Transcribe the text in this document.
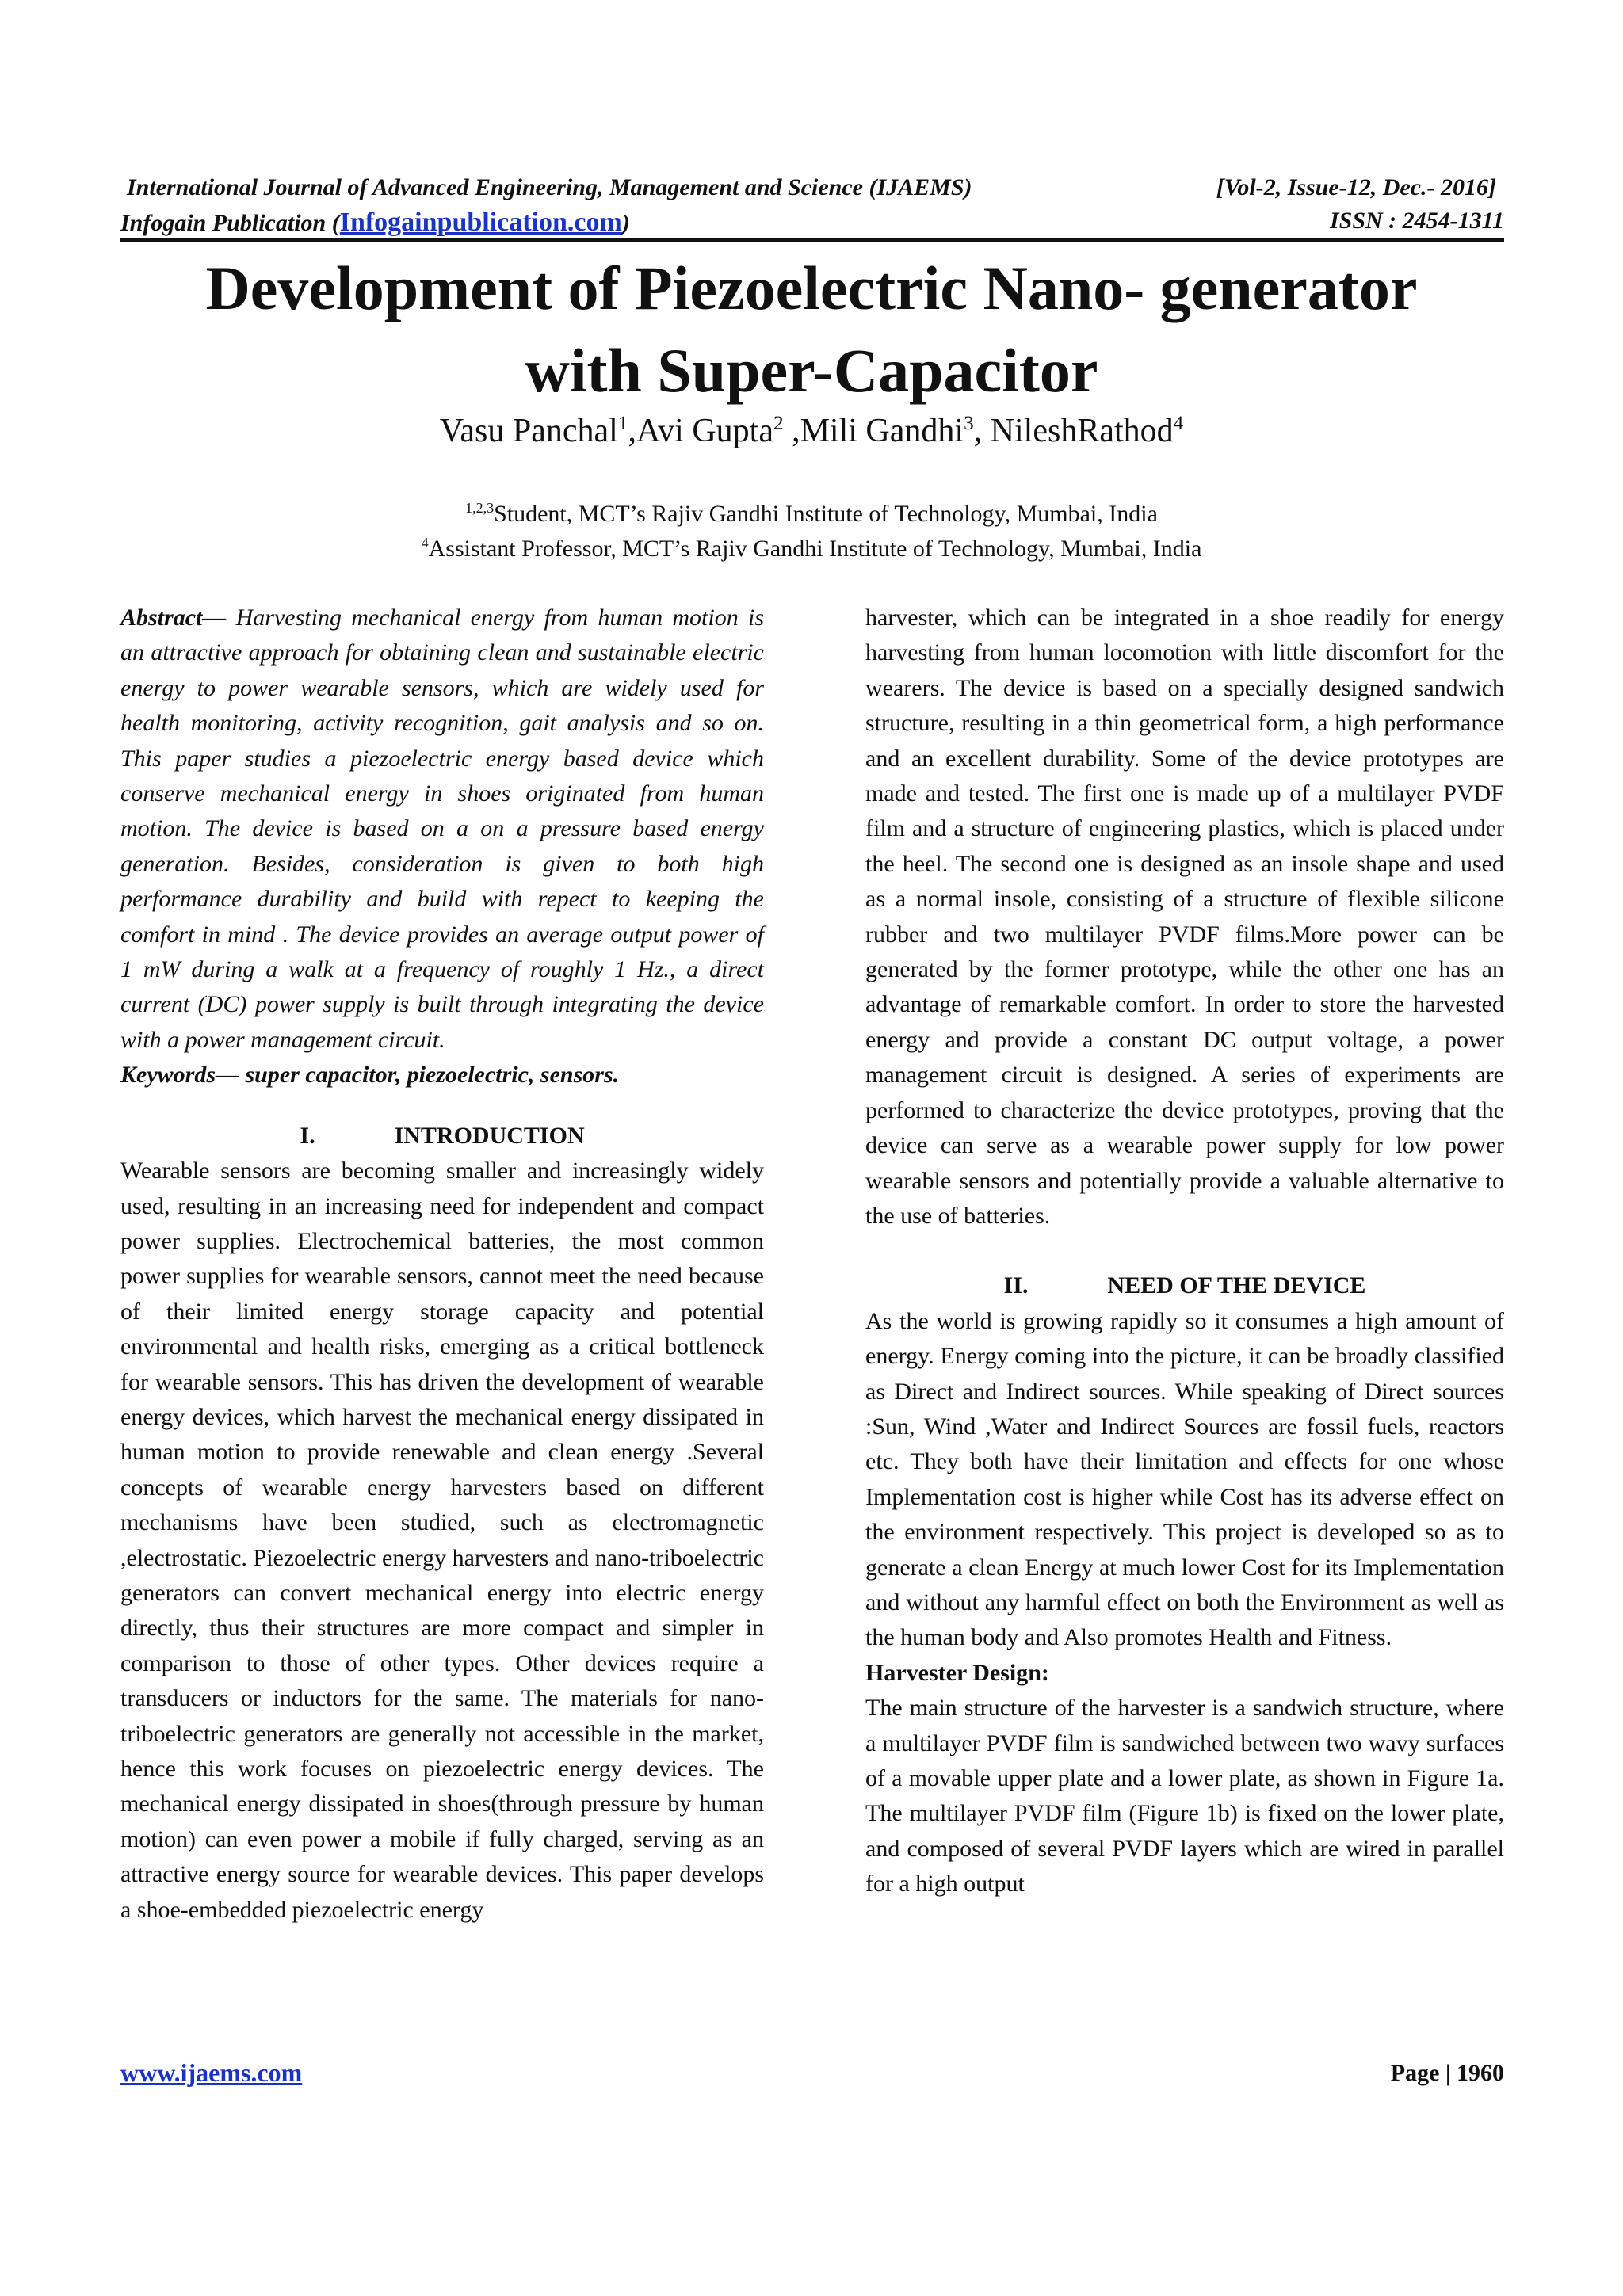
International Journal of Advanced Engineering, Management and Science (IJAEMS)	[Vol-2, Issue-12, Dec.- 2016]
Infogain Publication (Infogainpublication.com)	ISSN : 2454-1311
Development of Piezoelectric Nano- generator
with Super-Capacitor
Vasu Panchal$^1$,Avi Gupta$^2$ ,Mili Gandhi$^3$, NileshRathod$^4$
$^{1,2,3}$Student, MCT’s Rajiv Gandhi Institute of Technology, Mumbai, India
$^4$Assistant Professor, MCT’s Rajiv Gandhi Institute of Technology, Mumbai, India

Abstract— Harvesting mechanical energy from human motion is an attractive approach for obtaining clean and sustainable electric energy to power wearable sensors, which are widely used for health monitoring, activity recognition, gait analysis and so on. This paper studies a piezoelectric energy based device which conserve mechanical energy in shoes originated from human motion. The device is based on a on a pressure based energy generation. Besides, consideration is given to both high performance durability and build with repect to keeping the comfort in mind . The device provides an average output power of 1 mW during a walk at a frequency of roughly 1 Hz., a direct current (DC) power supply is built through integrating the device with a power management circuit.

Keywords— super capacitor, piezoelectric, sensors.

I.	INTRODUCTION

Wearable sensors are becoming smaller and increasingly widely used, resulting in an increasing need for independent and compact power supplies. Electrochemical batteries, the most common power supplies for wearable sensors, cannot meet the need because of their limited energy storage capacity and potential environmental and health risks, emerging as a critical bottleneck for wearable sensors. This has driven the development of wearable energy devices, which harvest the mechanical energy dissipated in human motion to provide renewable and clean energy .Several concepts of wearable energy harvesters based on different mechanisms have been studied, such as electromagnetic ,electrostatic. Piezoelectric energy harvesters and nano-triboelectric generators can convert mechanical energy into electric energy directly, thus their structures are more compact and simpler in comparison to those of other types. Other devices require a transducers or inductors for the same. The materials for nano-triboelectric generators are generally not accessible in the market, hence this work focuses on piezoelectric energy devices. The mechanical energy dissipated in shoes(through pressure by human motion) can even power a mobile if fully charged, serving as an attractive energy source for wearable devices. This paper develops a shoe-embedded piezoelectric energy

harvester, which can be integrated in a shoe readily for energy harvesting from human locomotion with little discomfort for the wearers. The device is based on a specially designed sandwich structure, resulting in a thin geometrical form, a high performance and an excellent durability. Some of the device prototypes are made and tested. The first one is made up of a multilayer PVDF film and a structure of engineering plastics, which is placed under the heel. The second one is designed as an insole shape and used as a normal insole, consisting of a structure of flexible silicone rubber and two multilayer PVDF films.More power can be generated by the former prototype, while the other one has an advantage of remarkable comfort. In order to store the harvested energy and provide a constant DC output voltage, a power management circuit is designed. A series of experiments are performed to characterize the device prototypes, proving that the device can serve as a wearable power supply for low power wearable sensors and potentially provide a valuable alternative to the use of batteries.

II.	NEED OF THE DEVICE

As the world is growing rapidly so it consumes a high amount of energy. Energy coming into the picture, it can be broadly classified as Direct and Indirect sources. While speaking of Direct sources :Sun, Wind ,Water and Indirect Sources are fossil fuels, reactors etc. They both have their limitation and effects for one whose Implementation cost is higher while Cost has its adverse effect on the environment respectively. This project is developed so as to generate a clean Energy at much lower Cost for its Implementation and without any harmful effect on both the Environment as well as the human body and Also promotes Health and Fitness.

Harvester Design:

The main structure of the harvester is a sandwich structure, where a multilayer PVDF film is sandwiched between two wavy surfaces of a movable upper plate and a lower plate, as shown in Figure 1a. The multilayer PVDF film (Figure 1b) is fixed on the lower plate, and composed of several PVDF layers which are wired in parallel for a high output

www.ijaems.com	Page | 1960
